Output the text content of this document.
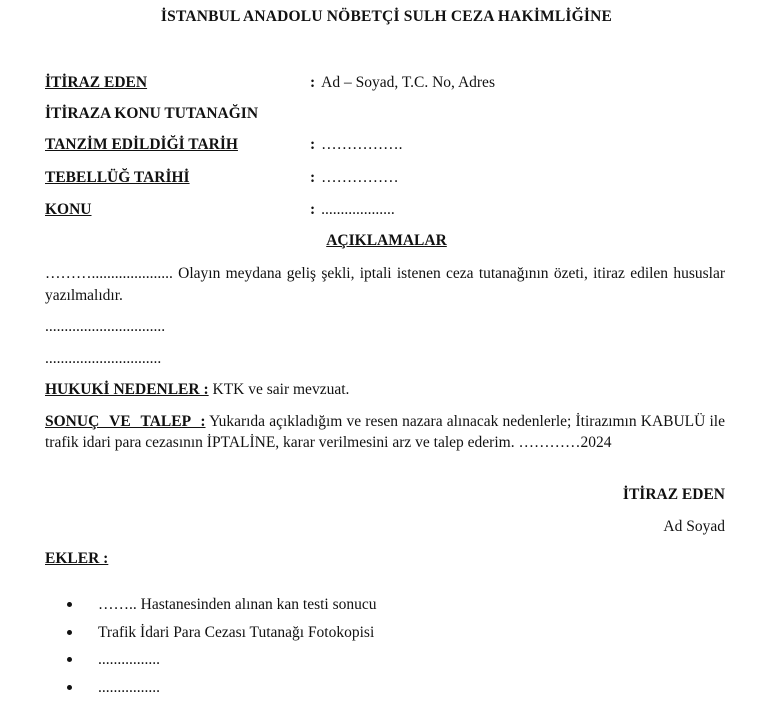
İSTANBUL ANADOLU NÖBETÇİ SULH CEZA HAKİMLİĞİNE
İTİRAZ EDEN	: Ad – Soyad, T.C. No, Adres
İTİRAZA KONU TUTANAĞIN
TANZİM EDİLDİĞİ TARİH	: …………….
TEBELLÜĞ TARİHİ	: ……………
KONU	: ...................
AÇIKLAMALAR
………..................... Olayın meydana geliş şekli, iptali istenen ceza tutanağının özeti, itiraz edilen hususlar yazılmalıdır.
...............................
..............................
HUKUKİ NEDENLER : KTK ve sair mevzuat.
SONUÇ VE TALEP : Yukarıda açıkladığım ve resen nazara alınacak nedenlerle; İtirazımın KABULÜ ile trafik idari para cezasının İPTALİNE, karar verilmesini arz ve talep ederim. …………2024
İTİRAZ EDEN
Ad Soyad
EKLER :
…….. Hastanesinden alınan kan testi sonucu
Trafik İdari Para Cezası Tutanağı Fotokopisi
................
................
